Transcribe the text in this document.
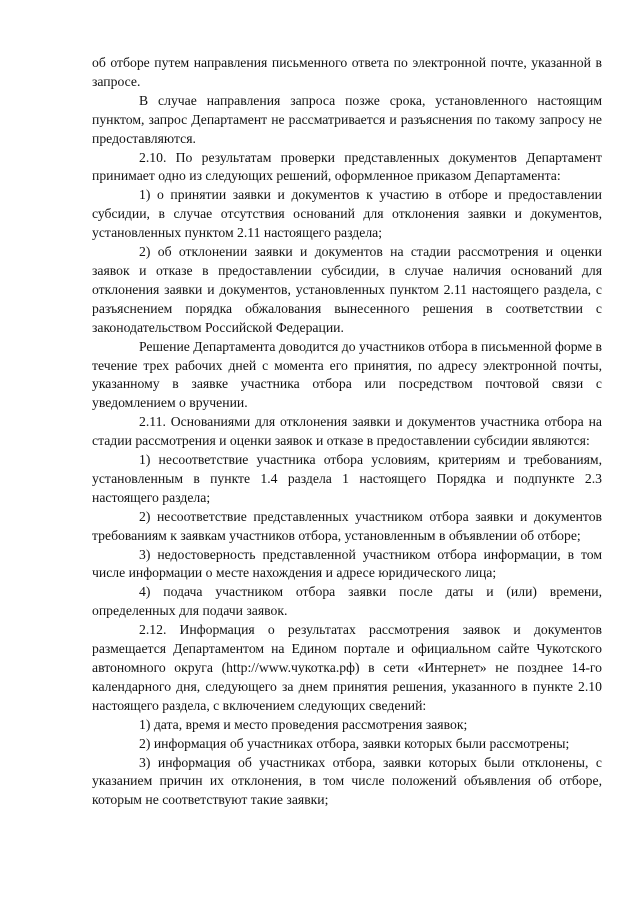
об отборе путем направления письменного ответа по электронной почте, указанной в запросе.

В случае направления запроса позже срока, установленного настоящим пунктом, запрос Департамент не рассматривается и разъяснения по такому запросу не предоставляются.

2.10. По результатам проверки представленных документов Департамент принимает одно из следующих решений, оформленное приказом Департамента:

1) о принятии заявки и документов к участию в отборе и предоставлении субсидии, в случае отсутствия оснований для отклонения заявки и документов, установленных пунктом 2.11 настоящего раздела;

2) об отклонении заявки и документов на стадии рассмотрения и оценки заявок и отказе в предоставлении субсидии, в случае наличия оснований для отклонения заявки и документов, установленных пунктом 2.11 настоящего раздела, с разъяснением порядка обжалования вынесенного решения в соответствии с законодательством Российской Федерации.

Решение Департамента доводится до участников отбора в письменной форме в течение трех рабочих дней с момента его принятия, по адресу электронной почты, указанному в заявке участника отбора или посредством почтовой связи с уведомлением о вручении.

2.11. Основаниями для отклонения заявки и документов участника отбора на стадии рассмотрения и оценки заявок и отказе в предоставлении субсидии являются:

1) несоответствие участника отбора условиям, критериям и требованиям, установленным в пункте 1.4 раздела 1 настоящего Порядка и подпункте 2.3 настоящего раздела;

2) несоответствие представленных участником отбора заявки и документов требованиям к заявкам участников отбора, установленным в объявлении об отборе;

3) недостоверность представленной участником отбора информации, в том числе информации о месте нахождения и адресе юридического лица;

4) подача участником отбора заявки после даты и (или) времени, определенных для подачи заявок.

2.12. Информация о результатах рассмотрения заявок и документов размещается Департаментом на Едином портале и официальном сайте Чукотского автономного округа (http://www.чукотка.рф) в сети «Интернет» не позднее 14-го календарного дня, следующего за днем принятия решения, указанного в пункте 2.10 настоящего раздела, с включением следующих сведений:

1) дата, время и место проведения рассмотрения заявок;

2) информация об участниках отбора, заявки которых были рассмотрены;

3) информация об участниках отбора, заявки которых были отклонены, с указанием причин их отклонения, в том числе положений объявления об отборе, которым не соответствуют такие заявки;
